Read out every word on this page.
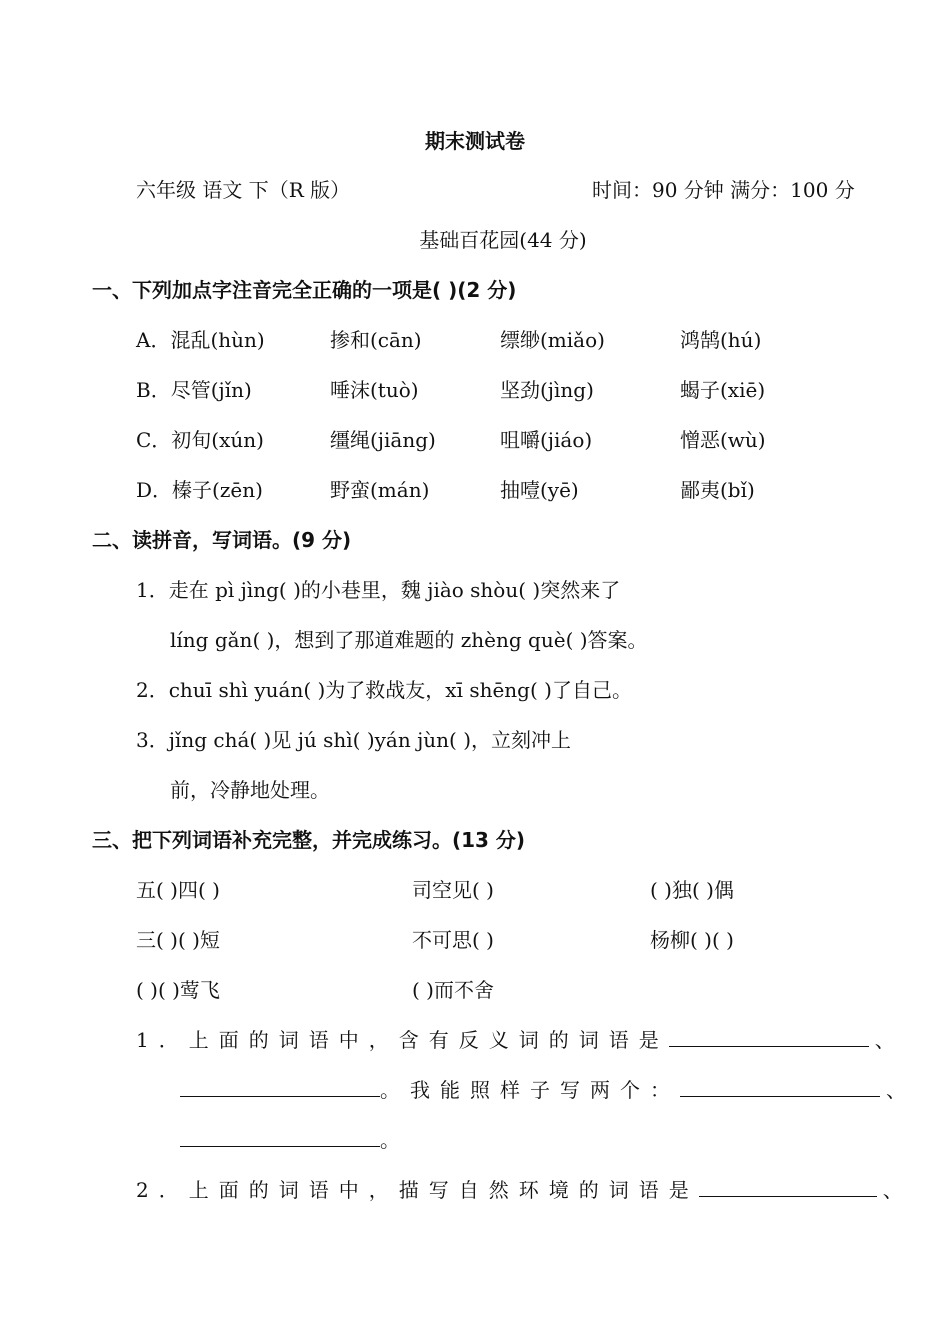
期末测试卷
六年级 语文 下（R 版）	时间：90 分钟 满分：100 分
基础百花园(44 分)
一、下列加点字注音完全正确的一项是( )(2 分)
A．混乱(hùn)	掺和(cān)	缥缈(miǎo)	鸿鹄(hú)
B．尽管(jǐn)	唾沫(tuò)	坚劲(jìng)	蝎子(xiē)
C．初旬(xún)	缰绳(jiāng)	咀嚼(jiáo)	憎恶(wù)
D．榛子(zēn)	野蛮(mán)	抽噎(yē)	鄙夷(bǐ)
二、读拼音，写词语。(9 分)
1．走在 pì jìng( )的小巷里，魏 jiào shòu( )突然来了
líng gǎn( )，想到了那道难题的 zhèng què( )答案。
2．chuī shì yuán( )为了救战友，xī shēng( )了自己。
3．jǐng chá( )见 jú shì( )yán jùn( )，立刻冲上
前，冷静地处理。
三、把下列词语补充完整，并完成练习。(13 分)
五( )四( )	司空见( )	( )独( )偶
三( )( )短	不可思( )	杨柳( )( )
( )( )莺飞	( )而不舍
1．上面的词语中，含有反义词的词语是	、
。我能照样子写两个：	、
。
2．上面的词语中，描写自然环境的词语是	、
